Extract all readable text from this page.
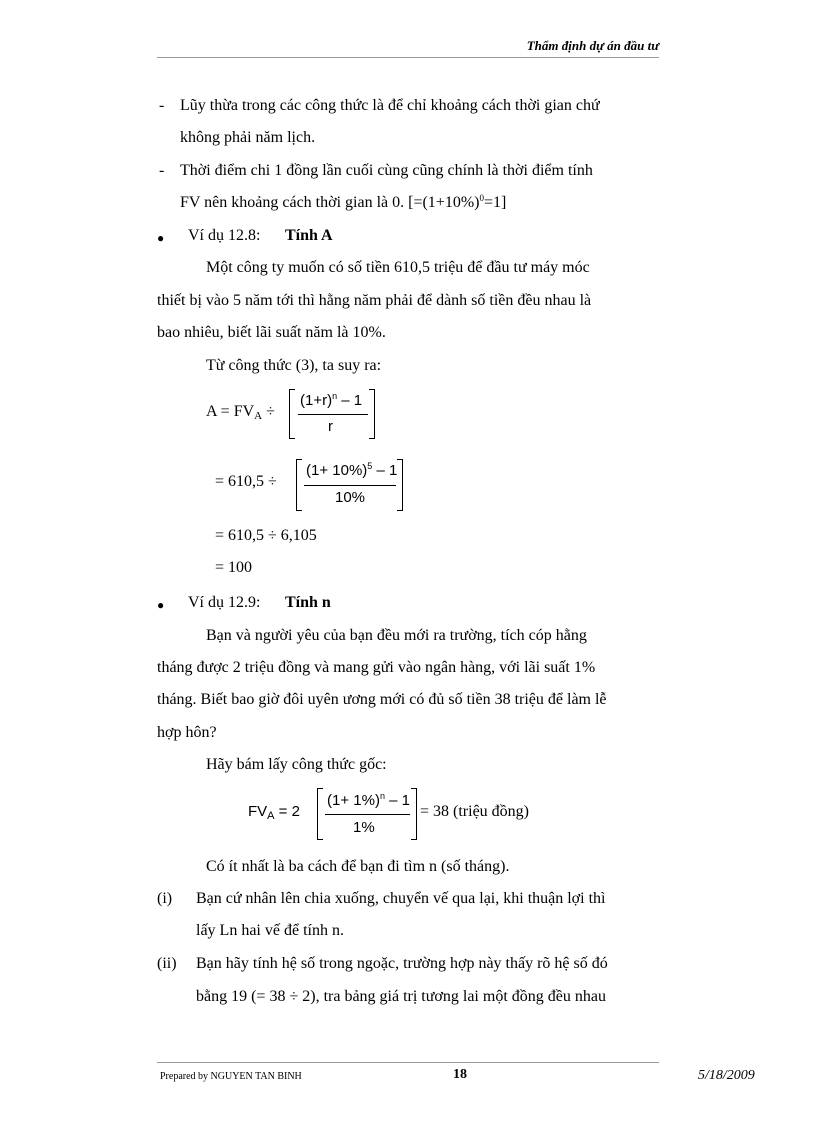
Thẩm định dự án đầu tư
- Lũy thừa trong các công thức là để chỉ khoảng cách thời gian chứ
không phải năm lịch.
- Thời điểm chi 1 đồng lần cuối cùng cũng chính là thời điểm tính
FV nên khoảng cách thời gian là 0. $[=(1+10\%)^0=1]$
● Ví dụ 12.8: Tính A
Một công ty muốn có số tiền 610,5 triệu để đầu tư máy móc
thiết bị vào 5 năm tới thì hằng năm phải để dành số tiền đều nhau là
bao nhiêu, biết lãi suất năm là 10%.
Từ công thức (3), ta suy ra:
$A = FV_A$ ÷
$(1+r)^n - 1$
r
= 610,5 ÷
$(1+ 10\%)^5 - 1$
10%
= 610,5 ÷ 6,105
= 100
● Ví dụ 12.9: Tính n
Bạn và người yêu của bạn đều mới ra trường, tích cóp hằng
tháng được 2 triệu đồng và mang gửi vào ngân hàng, với lãi suất 1%
tháng. Biết bao giờ đôi uyên ương mới có đủ số tiền 38 triệu để làm lễ
hợp hôn?
Hãy bám lấy công thức gốc:
$FV_A = 2$
$(1+ 1\%)^n - 1$
1%
= 38 (triệu đồng)
Có ít nhất là ba cách để bạn đi tìm n (số tháng).
(i) Bạn cứ nhân lên chia xuống, chuyển vế qua lại, khi thuận lợi thì
lấy Ln hai vế để tính n.
(ii) Bạn hãy tính hệ số trong ngoặc, trường hợp này thấy rõ hệ số đó
bằng 19 (= 38 ÷ 2), tra bảng giá trị tương lai một đồng đều nhau
Prepared by NGUYEN TAN BINH	18	5/18/2009
